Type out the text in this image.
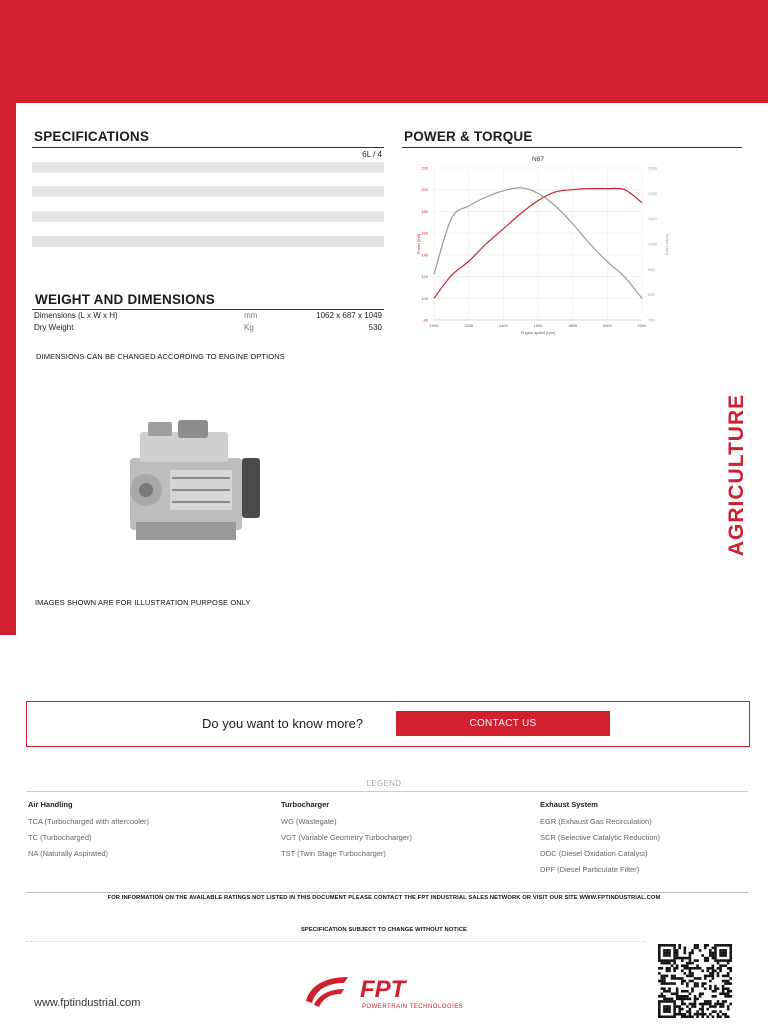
SPECIFICATIONS
6L / 4
WEIGHT AND DIMENSIONS
Dimensions (L x W x H)	mm	1062 x 687 x 1049
Dry Weight	Kg	530
DIMENSIONS CAN BE CHANGED ACCORDING TO ENGINE OPTIONS
POWER & TORQUE
80
100
120
140
160
180
200
220
1000	1200	1400	1600	1800	2000	2200
700
800
900
1000
1100
1200
1300
N67
Engine speed [rpm]
Power [kW]	Torque [Nm]
IMAGES SHOWN ARE FOR ILLUSTRATION PURPOSE ONLY
AGRICULTURE
Do you want to know more?	CONTACT US
LEGEND
Air Handling
TCA (Turbocharged with aftercooler)
TC (Turbocharged)
NA (Naturally Aspirated)
Turbocharger
WG (Wastegate)
VGT (Variable Geometry Turbocharger)
TST (Twin Stage Turbocharger)
Exhaust System
EGR (Exhaust Gas Recirculation)
SCR (Selective Catalytic Reduction)
DOC (Diesel Oxidation Catalyst)
DPF (Diesel Particulate Filter)
FOR INFORMATION ON THE AVAILABLE RATINGS NOT LISTED IN THIS DOCUMENT PLEASE CONTACT THE FPT INDUSTRIAL SALES NETWORK OR VISIT OUR SITE WWW.FPTINDUSTRIAL.COM
SPECIFICATION SUBJECT TO CHANGE WITHOUT NOTICE
www.fptindustrial.com	FPT
POWERTRAIN TECHNOLOGIES
